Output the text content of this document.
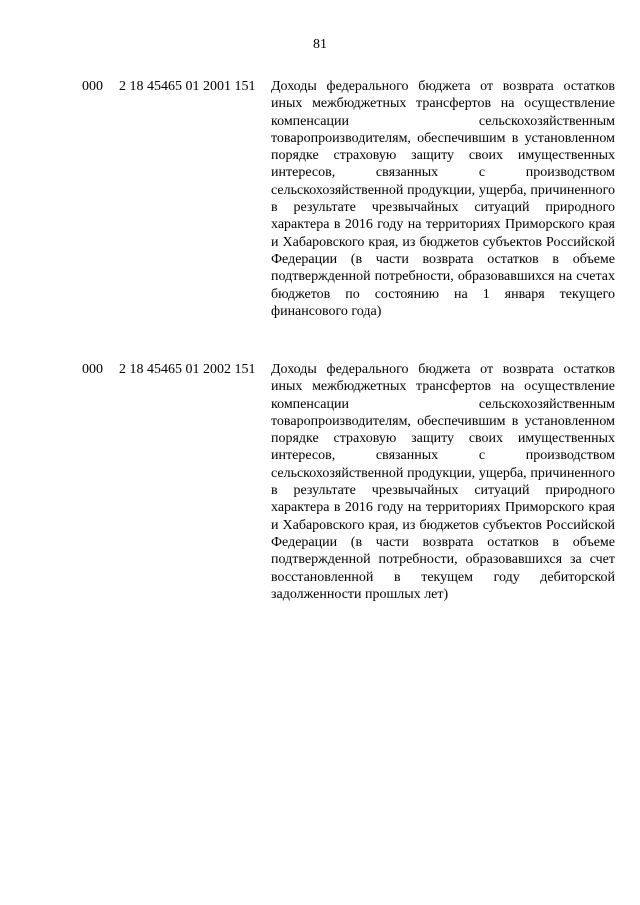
81
000 2 18 45465 01 2001 151 Доходы федерального бюджета от возврата остатков иных межбюджетных трансфертов на осуществление компенсации сельскохозяйственным товаропроизводителям, обеспечившим в установленном порядке страховую защиту своих имущественных интересов, связанных с производством сельскохозяйственной продукции, ущерба, причиненного в результате чрезвычайных ситуаций природного характера в 2016 году на территориях Приморского края и Хабаровского края, из бюджетов субъектов Российской Федерации (в части возврата остатков в объеме подтвержденной потребности, образовавшихся на счетах бюджетов по состоянию на 1 января текущего финансового года)
000 2 18 45465 01 2002 151 Доходы федерального бюджета от возврата остатков иных межбюджетных трансфертов на осуществление компенсации сельскохозяйственным товаропроизводителям, обеспечившим в установленном порядке страховую защиту своих имущественных интересов, связанных с производством сельскохозяйственной продукции, ущерба, причиненного в результате чрезвычайных ситуаций природного характера в 2016 году на территориях Приморского края и Хабаровского края, из бюджетов субъектов Российской Федерации (в части возврата остатков в объеме подтвержденной потребности, образовавшихся за счет восстановленной в текущем году дебиторской задолженности прошлых лет)
